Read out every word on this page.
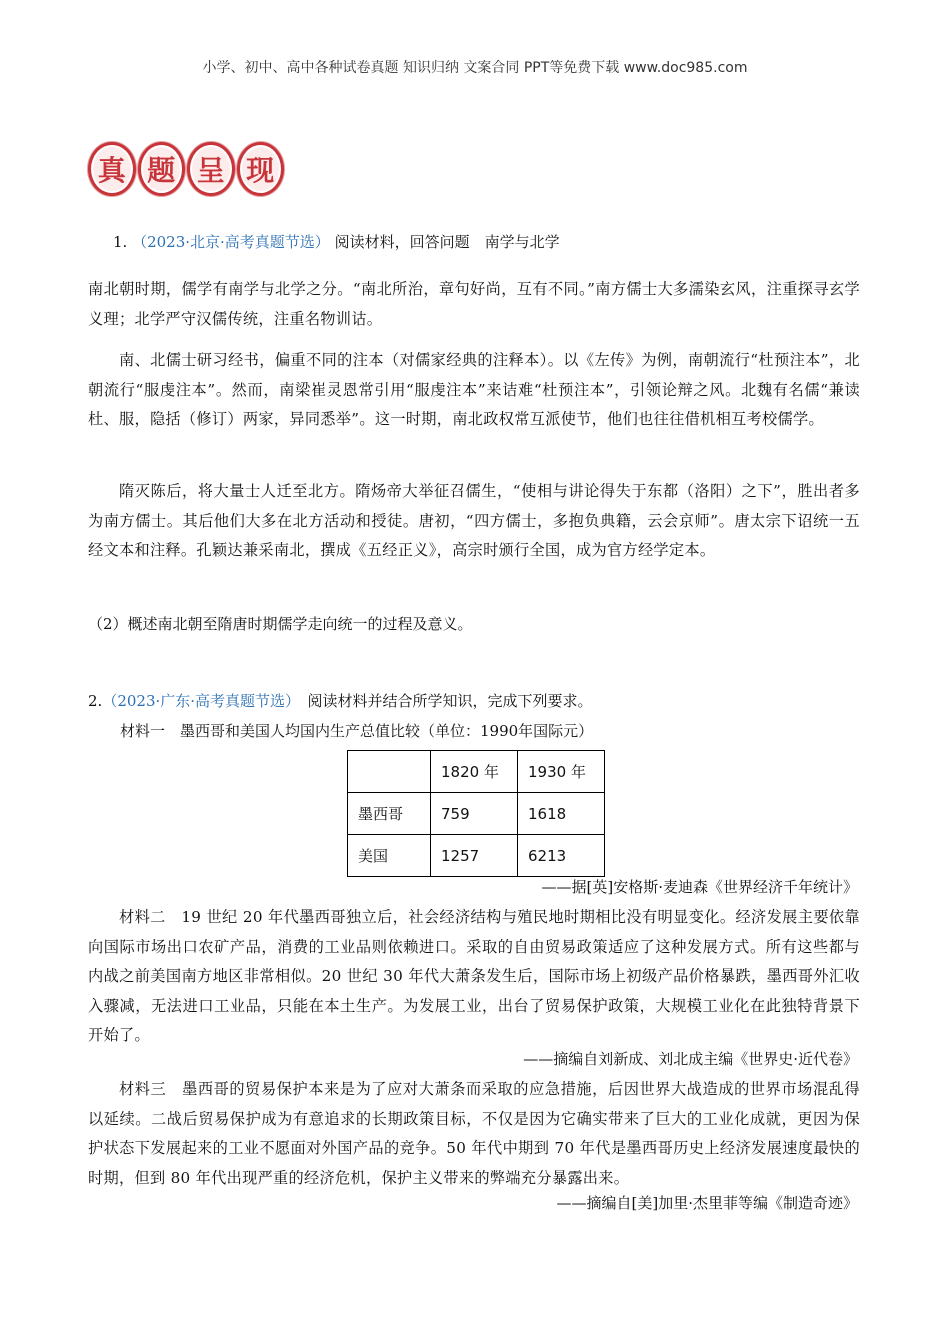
小学、初中、高中各种试卷真题 知识归纳 文案合同 PPT等免费下载 www.doc985.com
真 题 呈 现
1. （2023·北京·高考真题节选） 阅读材料，回答问题　南学与北学
南北朝时期，儒学有南学与北学之分。“南北所治，章句好尚，互有不同。”南方儒士大多濡染玄风，注重探寻玄学义理；北学严守汉儒传统，注重名物训诂。
南、北儒士研习经书，偏重不同的注本（对儒家经典的注释本）。以《左传》为例，南朝流行“杜预注本”，北朝流行“服虔注本”。然而，南梁崔灵恩常引用“服虔注本”来诘难“杜预注本”，引领论辩之风。北魏有名儒“兼读杜、服，隐括（修订）两家，异同悉举”。这一时期，南北政权常互派使节，他们也往往借机相互考校儒学。
隋灭陈后，将大量士人迁至北方。隋炀帝大举征召儒生，“使相与讲论得失于东都（洛阳）之下”，胜出者多为南方儒士。其后他们大多在北方活动和授徒。唐初，“四方儒士，多抱负典籍，云会京师”。唐太宗下诏统一五经文本和注释。孔颖达兼采南北，撰成《五经正义》，高宗时颁行全国，成为官方经学定本。
（2）概述南北朝至隋唐时期儒学走向统一的过程及意义。
2.（2023·广东·高考真题节选）　 阅读材料并结合所学知识，完成下列要求。
材料一　墨西哥和美国人均国内生产总值比较（单位：1990年国际元）
	1820 年	1930 年
墨西哥	759	1618
美国	1257	6213
——据[英]安格斯·麦迪森《世界经济千年统计》
材料二　19 世纪 20 年代墨西哥独立后，社会经济结构与殖民地时期相比没有明显变化。经济发展主要依靠向国际市场出口农矿产品，消费的工业品则依赖进口。采取的自由贸易政策适应了这种发展方式。所有这些都与内战之前美国南方地区非常相似。20 世纪 30 年代大萧条发生后，国际市场上初级产品价格暴跌，墨西哥外汇收入骤减，无法进口工业品，只能在本土生产。为发展工业，出台了贸易保护政策，大规模工业化在此独特背景下开始了。
——摘编自刘新成、刘北成主编《世界史·近代卷》
材料三　墨西哥的贸易保护本来是为了应对大萧条而采取的应急措施，后因世界大战造成的世界市场混乱得以延续。二战后贸易保护成为有意追求的长期政策目标，不仅是因为它确实带来了巨大的工业化成就，更因为保护状态下发展起来的工业不愿面对外国产品的竞争。50 年代中期到 70 年代是墨西哥历史上经济发展速度最快的时期，但到 80 年代出现严重的经济危机，保护主义带来的弊端充分暴露出来。
——摘编自[美]加里·杰里菲等编《制造奇迹》
